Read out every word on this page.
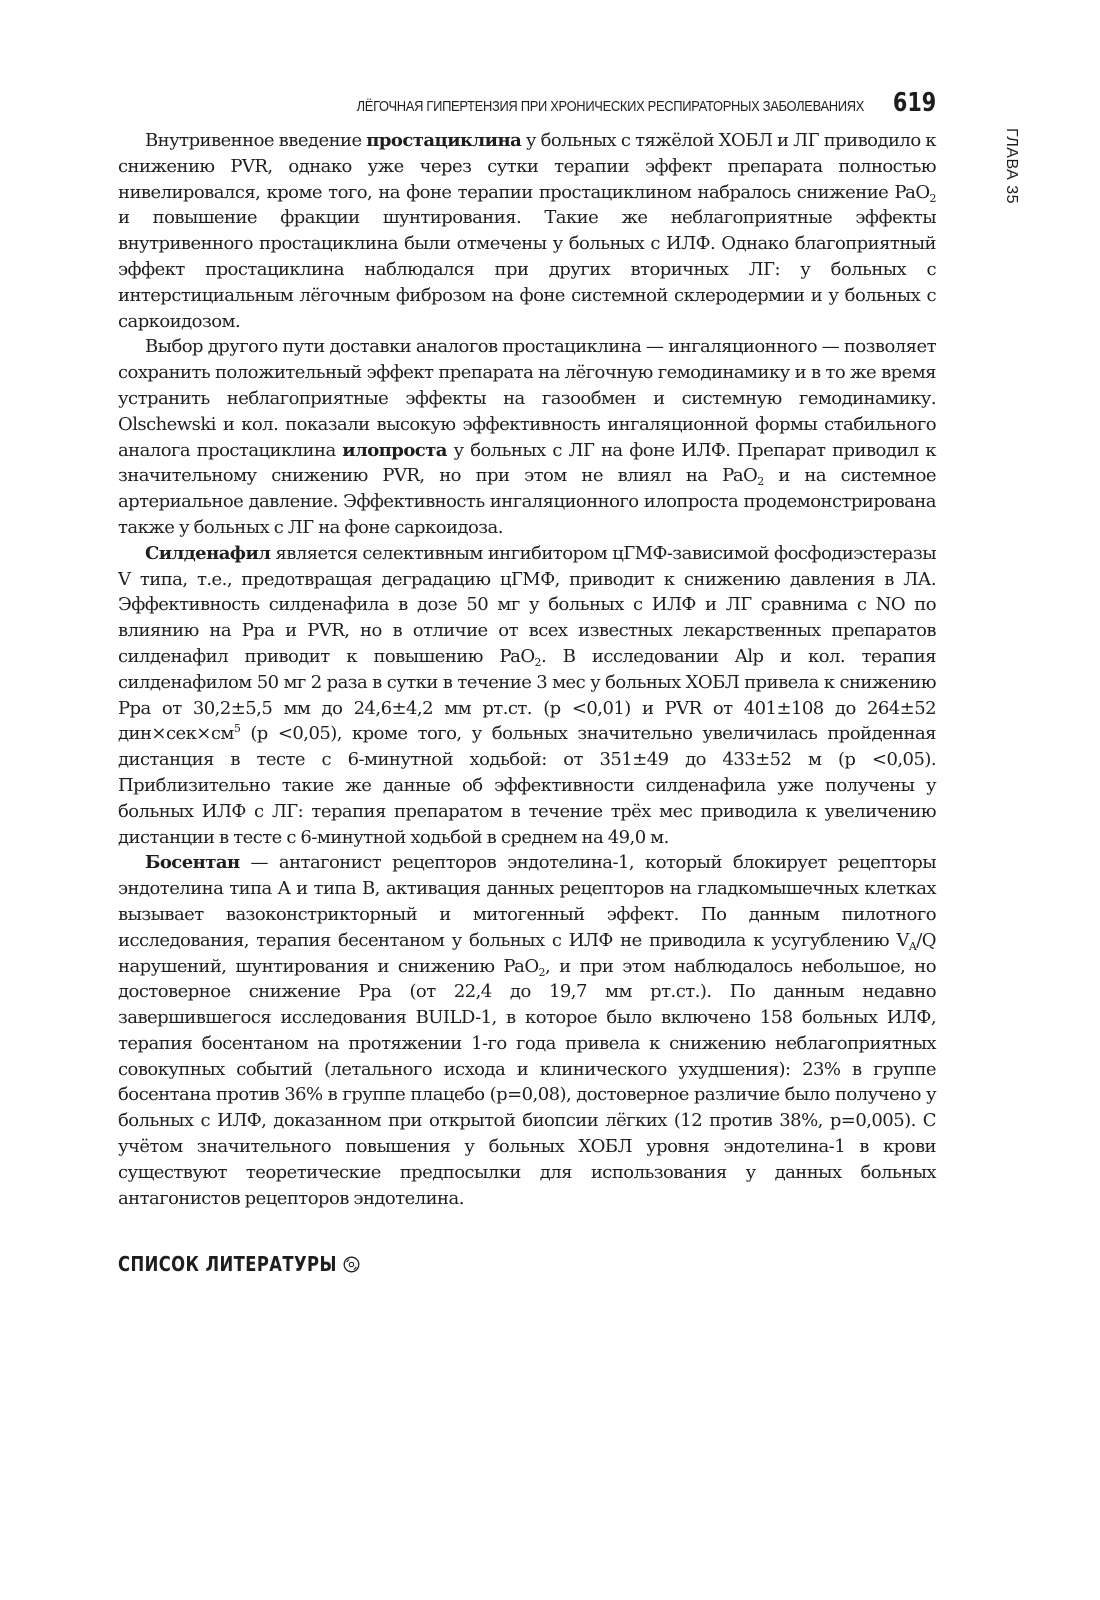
ЛЁГОЧНАЯ ГИПЕРТЕНЗИЯ ПРИ ХРОНИЧЕСКИХ РЕСПИРАТОРНЫХ ЗАБОЛЕВАНИЯХ 619
ГЛАВА 35

Внутривенное введение простациклина у больных с тяжёлой ХОБЛ и ЛГ приводило к снижению PVR, однако уже через сутки терапии эффект препарата полностью нивелировался, кроме того, на фоне терапии простациклином набралось снижение PaO$_2$ и повышение фракции шунтирования. Такие же неблагоприятные эффекты внутривенного простациклина были отмечены у больных с ИЛФ. Однако благоприятный эффект простациклина наблюдался при других вторичных ЛГ: у больных с интерстициальным лёгочным фиброзом на фоне системной склеродермии и у больных с саркоидозом.

Выбор другого пути доставки аналогов простациклина — ингаляционного — позволяет сохранить положительный эффект препарата на лёгочную гемодинамику и в то же время устранить неблагоприятные эффекты на газообмен и системную гемодинамику. Olschewski и кол. показали высокую эффективность ингаляционной формы стабильного аналога простациклина илопроста у больных с ЛГ на фоне ИЛФ. Препарат приводил к значительному снижению PVR, но при этом не влиял на PaO$_2$ и на системное артериальное давление. Эффективность ингаляционного илопроста продемонстрирована также у больных с ЛГ на фоне саркоидоза.

Силденафил является селективным ингибитором цГМФ-зависимой фосфодиэстеразы V типа, т.е., предотвращая деградацию цГМФ, приводит к снижению давления в ЛА. Эффективность силденафила в дозе 50 мг у больных с ИЛФ и ЛГ сравнима с NO по влиянию на Ppa и PVR, но в отличие от всех известных лекарственных препаратов силденафил приводит к повышению PaO$_2$. В исследовании Alp и кол. терапия силденафилом 50 мг 2 раза в сутки в течение 3 мес у больных ХОБЛ привела к снижению Ppa от 30,2±5,5 мм до 24,6±4,2 мм рт.ст. (p <0,01) и PVR от 401±108 до 264±52 $дин\times сек\times см^5$ (p <0,05), кроме того, у больных значительно увеличилась пройденная дистанция в тесте с 6-минутной ходьбой: от 351±49 до 433±52 м (p <0,05). Приблизительно такие же данные об эффективности силденафила уже получены у больных ИЛФ с ЛГ: терапия препаратом в течение трёх мес приводила к увеличению дистанции в тесте с 6-минутной ходьбой в среднем на 49,0 м.

Босентан — антагонист рецепторов эндотелина-1, который блокирует рецепторы эндотелина типа A и типа B, активация данных рецепторов на гладкомышечных клетках вызывает вазоконстрикторный и митогенный эффект. По данным пилотного исследования, терапия бесентаном у больных с ИЛФ не приводила к усугублению $V_A/Q$ нарушений, шунтирования и снижению PaO$_2$, и при этом наблюдалось небольшое, но достоверное снижение Ppa (от 22,4 до 19,7 мм рт.ст.). По данным недавно завершившегося исследования BUILD-1, в которое было включено 158 больных ИЛФ, терапия босентаном на протяжении 1-го года привела к снижению неблагоприятных совокупных событий (летального исхода и клинического ухудшения): 23% в группе босентана против 36% в группе плацебо (p=0,08), достоверное различие было получено у больных с ИЛФ, доказанном при открытой биопсии лёгких (12 против 38%, p=0,005). С учётом значительного повышения у больных ХОБЛ уровня эндотелина-1 в крови существуют теоретические предпосылки для использования у данных больных антагонистов рецепторов эндотелина.

СПИСОК ЛИТЕРАТУРЫ
